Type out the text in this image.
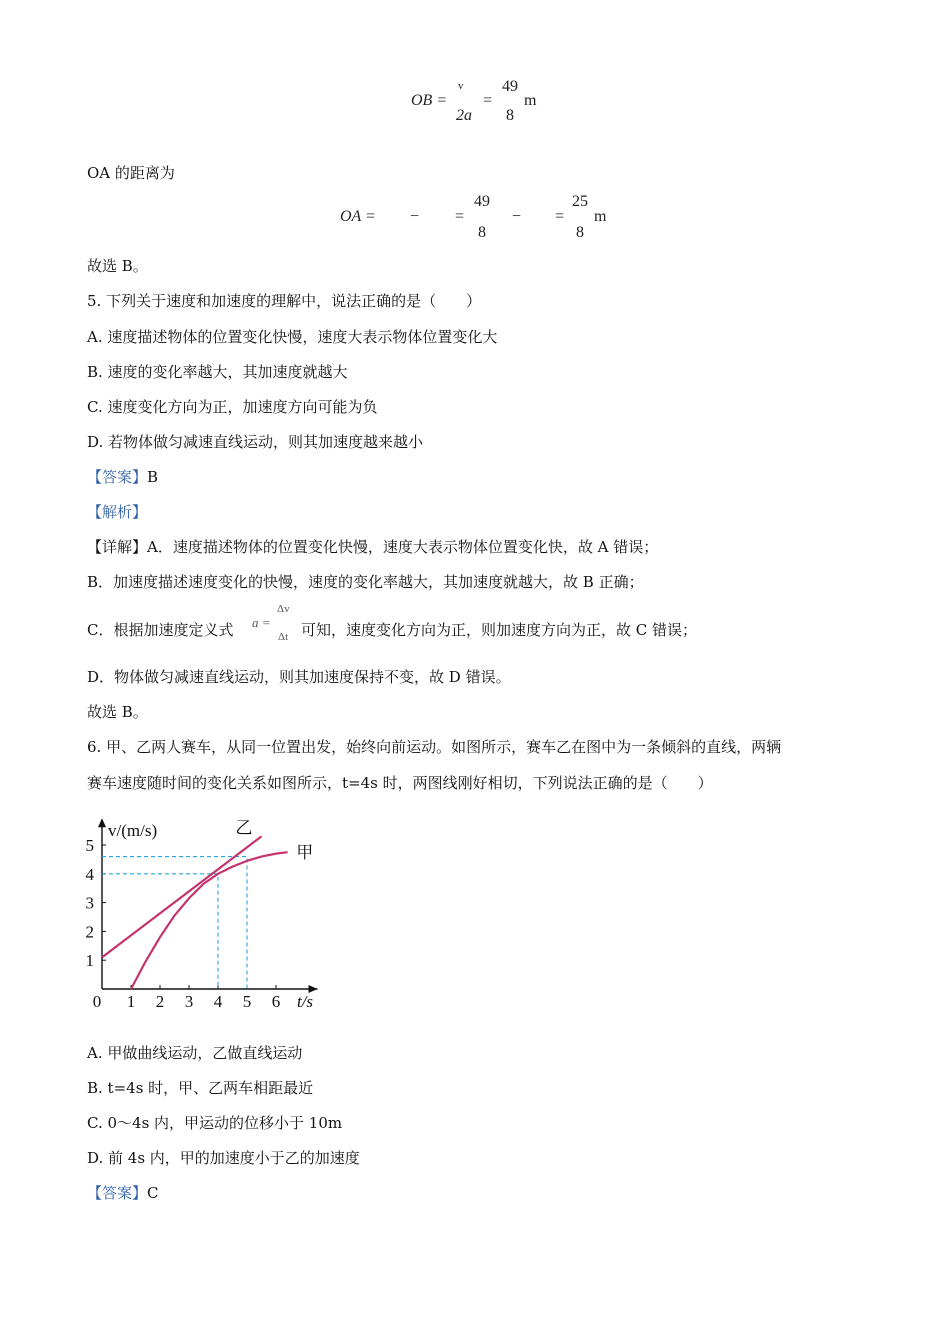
OB =
v
2a
=
49
8
m
OA 的距离为
OA = − =
49
8
− =
25
8
m
故选 B。
5. 下列关于速度和加速度的理解中，说法正确的是（　　）
A. 速度描述物体的位置变化快慢，速度大表示物体位置变化大
B. 速度的变化率越大，其加速度就越大
C. 速度变化方向为正，加速度方向可能为负
D. 若物体做匀减速直线运动，则其加速度越来越小
【答案】B
【解析】
【详解】A．速度描述物体的位置变化快慢，速度大表示物体位置变化快，故 A 错误；
B．加速度描述速度变化的快慢，速度的变化率越大，其加速度就越大，故 B 正确；
C．根据加速度定义式 a =
Δv
Δt 可知，速度变化方向为正，则加速度方向为正，故 C 错误；
D．物体做匀减速直线运动，则其加速度保持不变，故 D 错误。
故选 B。
6. 甲、乙两人赛车，从同一位置出发，始终向前运动。如图所示，赛车乙在图中为一条倾斜的直线，两辆
赛车速度随时间的变化关系如图所示，t=4s 时，两图线刚好相切，下列说法正确的是（　　）
0 1 2 3 4 5 6
1
2
3
4
5
v/(m/s)
t/s
乙
甲
A. 甲做曲线运动，乙做直线运动
B. t=4s 时，甲、乙两车相距最近
C. 0～4s 内，甲运动的位移小于 10m
D. 前 4s 内，甲的加速度小于乙的加速度
【答案】C
